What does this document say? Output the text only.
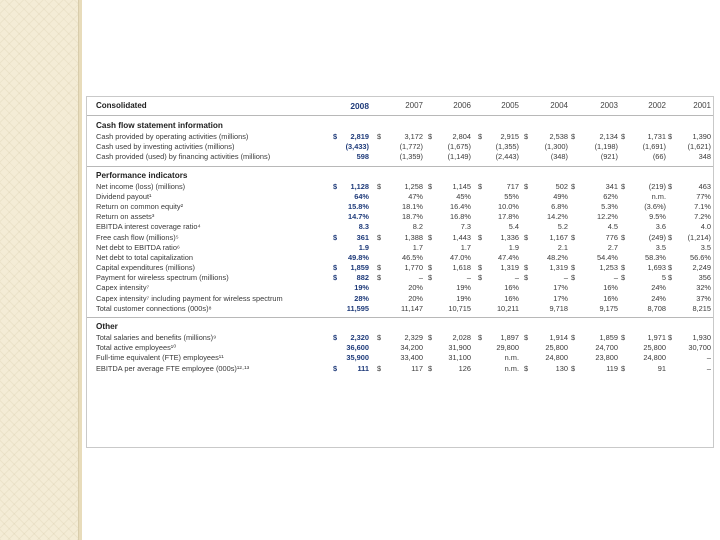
Consolidated	2008	2007	2006	2005	2004	2003	2002	2001
Cash flow statement information
Cash provided by operating activities (millions)	$	2,819 $	3,172 $	2,804 $	2,915 $	2,538 $	2,134 $	1,731 $	1,390
Cash used by investing activities (millions)	(3,433)	(1,772)	(1,675)	(1,355)	(1,300)	(1,198)	(1,691)	(1,621)
Cash provided (used) by financing activities (millions)	598	(1,359)	(1,149)	(2,443)	(348)	(921)	(66)	348
Performance indicators
Net income (loss) (millions)	$	1,128 $	1,258 $	1,145 $	717 $	502 $	341 $	(219) $	463
Dividend payout¹	64%	47%	45%	55%	49%	62%	n.m.	77%
Return on common equity²	15.8%	18.1%	16.4%	10.0%	6.8%	5.3%	(3.6%)	7.1%
Return on assets³	14.7%	18.7%	16.8%	17.8%	14.2%	12.2%	9.5%	7.2%
EBITDA interest coverage ratio⁴	8.3	8.2	7.3	5.4	5.2	4.5	3.6	4.0
Free cash flow (millions)⁵	$	361 $	1,388 $	1,443 $	1,336 $	1,167 $	776 $	(249) $	(1,214)
Net debt to EBITDA ratio⁶	1.9	1.7	1.7	1.9	2.1	2.7	3.5	3.5
Net debt to total capitalization	49.8%	46.5%	47.0%	47.4%	48.2%	54.4%	58.3%	56.6%
Capital expenditures (millions)	$	1,859 $	1,770 $	1,618 $	1,319 $	1,319 $	1,253 $	1,693 $	2,249
Payment for wireless spectrum (millions)	$	882 $	– $	– $	– $	– $	– $	5 $	356
Capex intensity⁷	19%	20%	19%	16%	17%	16%	24%	32%
Capex intensity⁷ including payment for wireless spectrum	28%	20%	19%	16%	17%	16%	24%	37%
Total customer connections (000s)⁸	11,595	11,147	10,715	10,211	9,718	9,175	8,708	8,215
Other
Total salaries and benefits (millions)⁹	$	2,320 $	2,329 $	2,028 $	1,897 $	1,914 $	1,859 $	1,971 $	1,930
Total active employees¹⁰	36,600	34,200	31,900	29,800	25,800	24,700	25,800	30,700
Full-time equivalent (FTE) employees¹¹	35,900	33,400	31,100	n.m.	24,800	23,800	24,800	–
EBITDA per average FTE employee (000s)¹²·¹³	$	111 $	117 $	126	n.m. $	130 $	119 $	91	–
